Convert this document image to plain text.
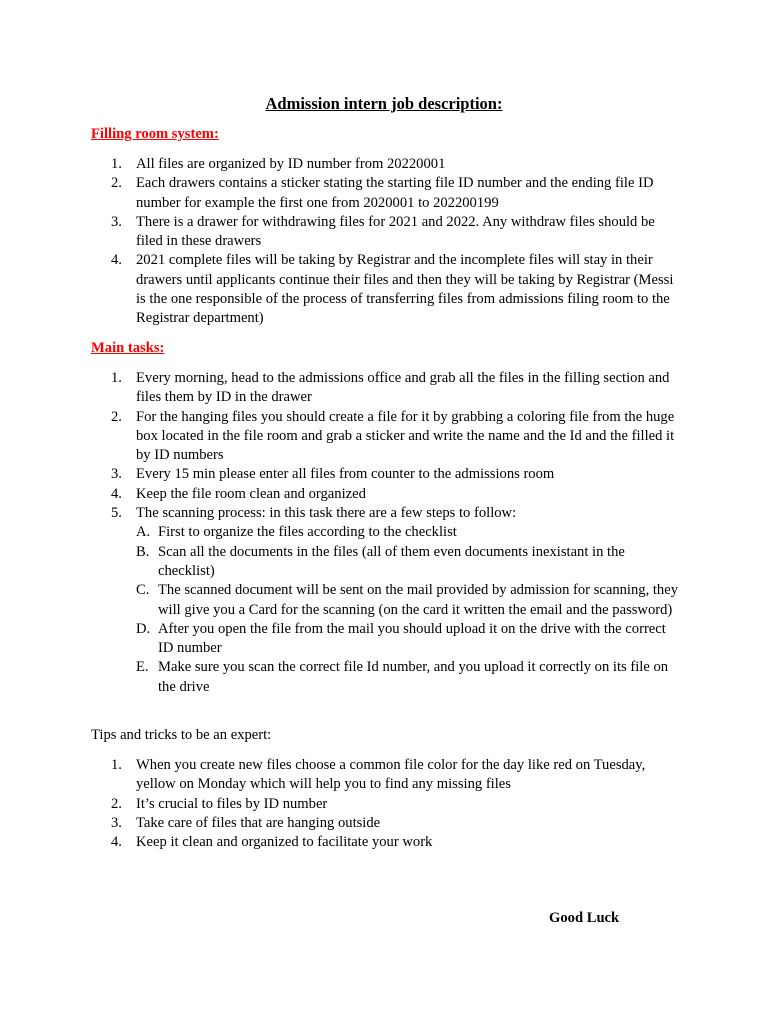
Admission intern job description:
Filling room system:
1. All files are organized by ID number from 20220001
2. Each drawers contains a sticker stating the starting file ID number and the ending file ID number for example the first one from 2020001 to 202200199
3. There is a drawer for withdrawing files for 2021 and 2022. Any withdraw files should be filed in these drawers
4. 2021 complete files will be taking by Registrar and the incomplete files will stay in their drawers until applicants continue their files and then they will be taking by Registrar (Messi is the one responsible of the process of transferring files from admissions filing room to the Registrar department)
Main tasks:
1. Every morning, head to the admissions office and grab all the files in the filling section and files them by ID in the drawer
2. For the hanging files you should create a file for it by grabbing a coloring file from the huge box located in the file room and grab a sticker and write the name and the Id and the filled it by ID numbers
3. Every 15 min please enter all files from counter to the admissions room
4. Keep the file room clean and organized
5. The scanning process: in this task there are a few steps to follow:
A. First to organize the files according to the checklist
B. Scan all the documents in the files (all of them even documents inexistant in the checklist)
C. The scanned document will be sent on the mail provided by admission for scanning, they will give you a Card for the scanning (on the card it written the email and the password)
D. After you open the file from the mail you should upload it on the drive with the correct ID number
E. Make sure you scan the correct file Id number, and you upload it correctly on its file on the drive

Tips and tricks to be an expert:

1. When you create new files choose a common file color for the day like red on Tuesday, yellow on Monday which will help you to find any missing files
2. It’s crucial to files by ID number
3. Take care of files that are hanging outside
4. Keep it clean and organized to facilitate your work

Good Luck
